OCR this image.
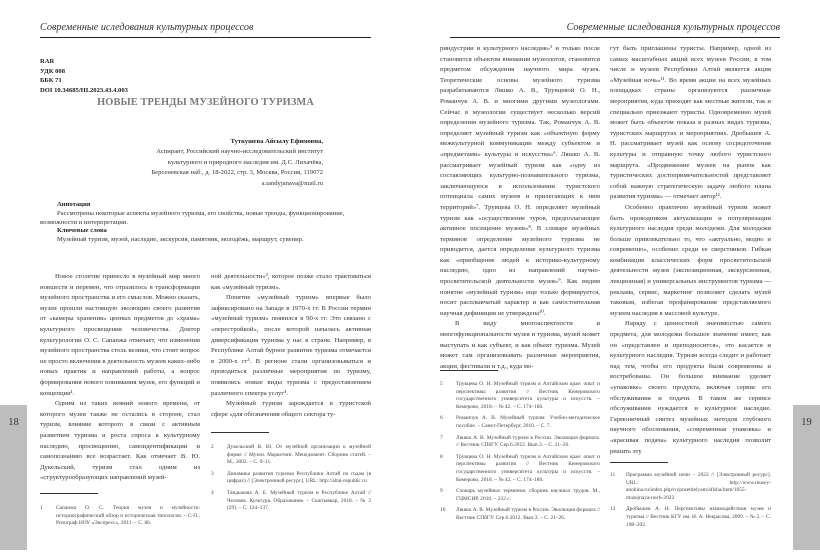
Современные иследования культурных процессов
RAR
УДК 008
ББК 71
DOI 10.34685/HI.2023.43.4.003
НОВЫЕ ТРЕНДЫ МУЗЕЙНОГО ТУРИЗМА
Туткушева Айсылу Ефимовна,
Аспирант, Российский научно-исследовательский институт
культурного и природного наследия им. Д.С. Лихачёва,
Берсеневская наб., д. 18-2022, стр. 3, Москва, Россия, 119072
a.tandyjanava@mail.ru
Аннотация
Рассмотрены некоторые аспекты музейного туризма, его свойства, новые тренды, функционирование, возможности и интерпретации.
Ключевые слова
Музейный туризм, музей, наследие, экскурсия, памятник, молодёжь, маршрут, сувенир.

Новое столетие принесло в музейный мир много новшеств и перемен, что отразилось в трансформации музейного пространства и его смыслов. Можно сказать, музеи прошли настоящую эволюцию своего развития от «камеры хранения» ценных предметов до «храма» культурного просвещения человечества. Доктор культурологии О. С. Сапанжа отмечает, что изменения музейного пространства столь велики, что стоит вопрос не просто включения в деятельность музеев каких-либо новых практик и направлений работы, а вопрос формирования нового понимания музея, его функций и концепции¹.

Одним из таких веяний нового времени, от которого музеи также не остались в стороне, стал туризм, влияние которого в связи с активным развитием туризма и роста спроса к культурному наследию, просвещению, самоидентификации и самопознанию все возрастает. Как отмечает В. Ю. Дукельский, туризм стал одним из «структурообразующих направлений музей-

ной деятельности»², которое позже стало трактоваться как «музейный туризм».

Понятие «музейный туризм» впервые было зафиксировано на Западе в 1970-х гг. В России термин «музейный туризм» появился в 90-х гг. Это связано с «перестройкой», после которой началась активная диверсификация туризма у нас в стране. Например, в Республике Алтай бурное развитие туризма отмечается в 2000-х гг³. В регионе стали организовываться и проводиться различные мероприятия по туризму, появились новые виды туризма с предоставлением различного спектра услуг⁴.

Музейный туризм зарождается в туристской сфере «для обозначения общего сектора ту-

1	Сапанжа О. С. Теория музея и музейности: историографический обзор и историческая типология. – С-П.: Ризограф НОУ «Экспресс», 2011. – С. 86.
2	Дукельский В. Ю. От музейной организации к музейной фирме // Музеи. Маркетинг. Менеджмент. Сборник статей. – М., 2002. – С. 9–11.
3	Динамика развития туризма Республики Алтай по годам (в цифрах) // [Электронный ресурс]. URL: http://altai-republic.ru
4	Тандыкова А. Е. Музейный туризм в Республике Алтай // Человек. Культура. Образование. – Сыктывкар, 2018. – № 3 (29). – С. 124–137.
18
Современные иследования культурных процессов

риндустрии и культурного наследия»⁵ и только после становится объектом внимания музеологов, становится предметом обсуждения научного мира музея. Теоретические основы музейного туризма разрабатываются Ляшко А. В., Трувцевой О. Н., Романчук А. В. и многими другими музеологами. Сейчас в музеологии существует несколько версий определения музейного туризма. Так, Романчук А. В. определяет музейный туризм как «объектную форму межкультурной коммуникации между субъектом и «предметами» культуры и искусства»⁶. Ляшко А. В. рассматривает музейный туризм как «одну из составляющих культурно-познавательного туризма, заключающуюся в использовании туристского потенциала самих музеев и прилегающих к ним территорий»⁷. Трувцева О. Н. определяет музейный туризм как «осуществление туров, предполагающее активное посещение музеев»⁸. В словаре музейных терминов определение музейного туризма не приводится, дается определение культурного туризма как «приобщение людей к историко-культурному наследию, одно из направлений научно-просветительской деятельности музея»⁹. Как видим понятие «музейный туризм» еще только формируется, носит расплывчатый характер и как самостоятельная научная дефиниция не утверждена¹⁰.

В виду многоаспектности и многофункциональности музея и туризма, музей может выступать и как субъект, и как объект туризма. Музей может сам организовывать различные мероприятия, акции, фестивали и т.д., куда мо-

гут быть приглашены туристы. Например, одной из самых масштабных акций всех музеев России, в том числе и музеев Республики Алтай является акция «Музейная ночь»¹¹. Во время акции на всех музейных площадках страны организуются различные мероприятия, куда приходят как местные жители, так и специально приезжают туристы. Одновременно музей может быть объектом показа в разных видах туризма, туристских маршрутах и мероприятиях. Дробышев А. Н. рассматривает музей как основу сосредоточения культуры и отправную точку любого туристского маршрута. «Продвижение музеев на рынок как туристических достопримечательностей представляет собой важную стратегическую задачу любого плана развития туризма» — отмечает автор¹².

Особенно практично музейный туризм может быть проводником актуализации и популяризации культурного наследия среди молодежи. Для молодежи больше привлекательно то, что «актуально, модно и современно», особенно среди ее сверстников. Гибкая комбинация классических форм просветительской деятельности музея (экспозиционная, экскурсионная, лекционная) и универсальных инструментов туризма — реклама, сервис, маркетинг позволяет сделать музей таковым, избегая профанирования представляемого музеем наследия в массовой культуре.

Наряду с ценностной значимостью самого предмета, для молодежи большое значение имеет, как он «представлен и преподносится», это касается и культурного наследия. Туризм всегда следит и работает над тем, чтобы его продукты были современны и востребованы. Он большое внимание уделяет «упаковке» своего продукта, включая сервис его обслуживания и подачи. В таком же сервисе обслуживания нуждается и культурное наследие. Гармоничный синтез музейных методов глубокого научного обоснования, «современная упаковка» и «красивая подача» культурного наследия позволит решить эту

5	Трувцева О. Н. Музейный туризм в Алтайском крае: опыт и перспективы развития // Вестник Кемеровского государственного университета культуры и искусств. – Кемерово, 2018. – № 42. – С. 174–180.
6	Романчук А. В. Музейный туризм: Учебно-методическое пособие. – Санкт-Петербург, 2010. – С. 7.
7	Ляшко А. В. Музейный туризм в России. Эволюция формата. // Вестник СПбГУ. Сер.6.2012. Вып.3. – С. 21–26.
8	Трувцева О. Н. Музейный туризм в Алтайском крае: опыт и перспективы развития // Вестник Кемеровского государственного университета культуры и искусств. – Кемерово, 2018. – № 42. – С. 174–180.
9	Словарь музейных терминов: сборник научных трудов. М., ГЦМСИР, 2010. – 232 с.
10	Ляшко А. В. Музейный туризм в России. Эволюция формата // Вестник СПбГУ. Сер.6.2012. Вып.3. – С. 21–26.
11	Программа музейной ночи – 2022 // [Электронный ресурс]. URL: http://www.musey-anohina.ru/index.php/ru/posetitelyam/afisha/item/1655-muzejnaya-noch-2022
12	Дробышев А. Н. Перспективы взаимодействия музея и туризма // Вестник КГУ им. Н. А. Некрасова, 2009. – № 2. – С. 198–202.
19
